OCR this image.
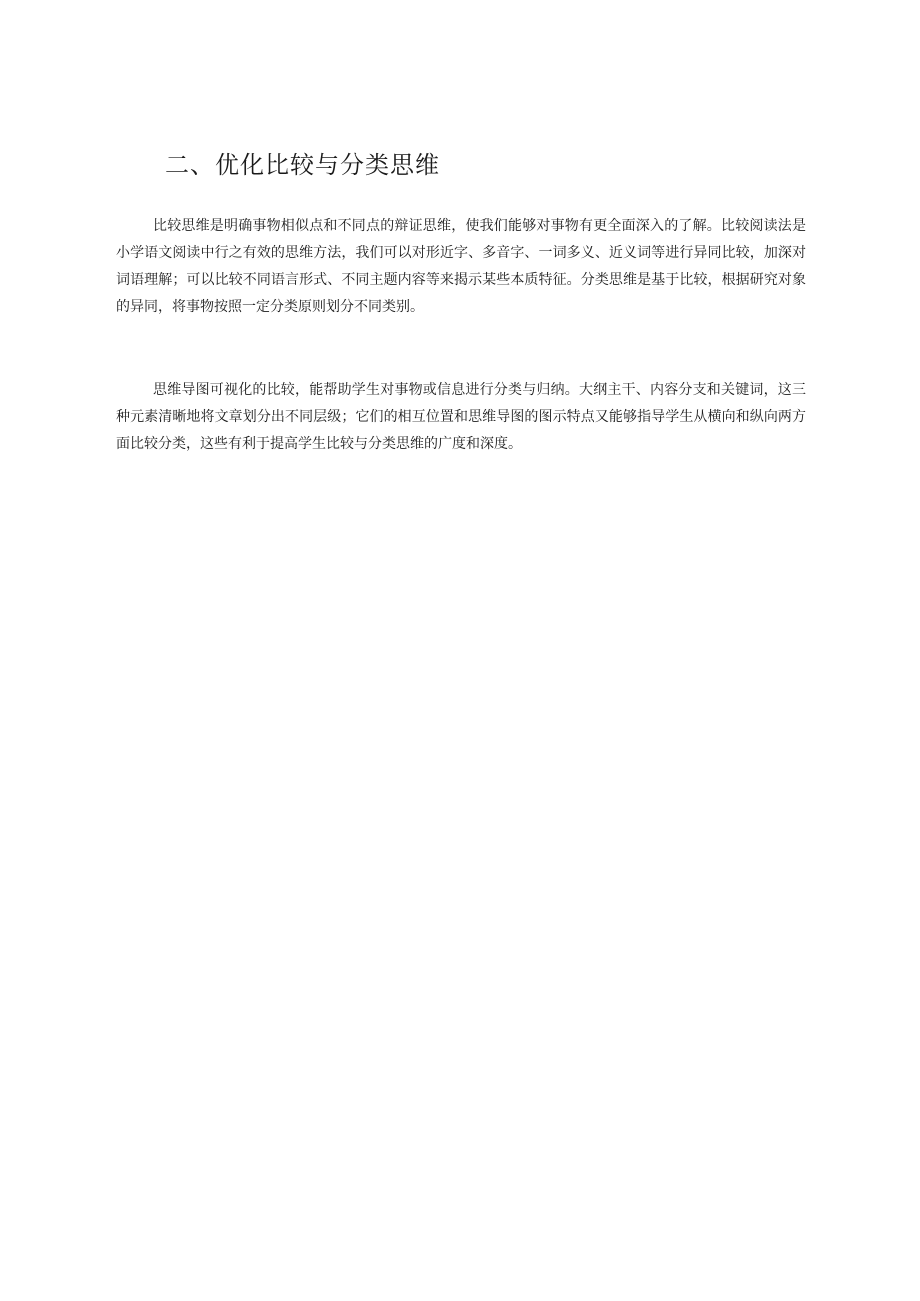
二、优化比较与分类思维

比较思维是明确事物相似点和不同点的辩证思维，使我们能够对事物有更全面深入的了解。比较阅读法是小学语文阅读中行之有效的思维方法，我们可以对形近字、多音字、一词多义、近义词等进行异同比较，加深对词语理解；可以比较不同语言形式、不同主题内容等来揭示某些本质特征。分类思维是基于比较，根据研究对象的异同，将事物按照一定分类原则划分不同类别。

思维导图可视化的比较，能帮助学生对事物或信息进行分类与归纳。大纲主干、内容分支和关键词，这三种元素清晰地将文章划分出不同层级；它们的相互位置和思维导图的图示特点又能够指导学生从横向和纵向两方面比较分类，这些有利于提高学生比较与分类思维的广度和深度。
